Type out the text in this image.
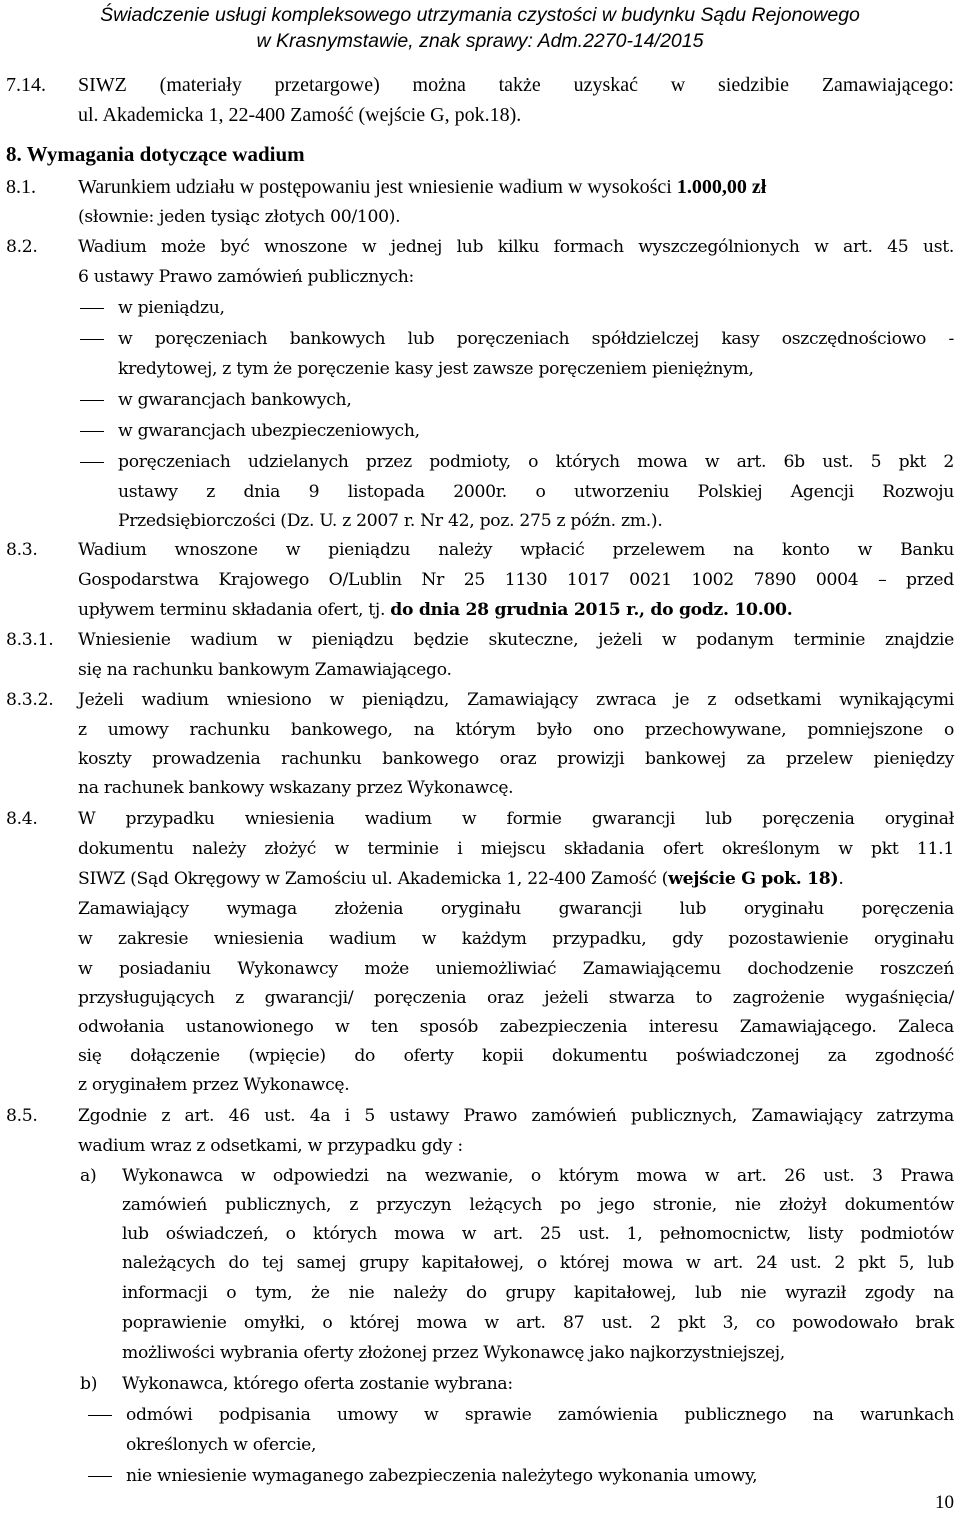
Świadczenie usługi kompleksowego utrzymania czystości w budynku Sądu Rejonowego
w Krasnymstawie, znak sprawy: Adm.2270-14/2015
7.14. SIWZ (materiały przetargowe) można także uzyskać w siedzibie Zamawiającego:
ul. Akademicka 1, 22-400 Zamość (wejście G, pok.18).
8. Wymagania dotyczące wadium
8.1. Warunkiem udziału w postępowaniu jest wniesienie wadium w wysokości 1.000,00 zł
(słownie: jeden tysiąc złotych 00/100).
8.2. Wadium może być wnoszone w jednej lub kilku formach wyszczególnionych w art. 45 ust.
6 ustawy Prawo zamówień publicznych:
w pieniądzu,
w poręczeniach bankowych lub poręczeniach spółdzielczej kasy oszczędnościowo -
kredytowej, z tym że poręczenie kasy jest zawsze poręczeniem pieniężnym,
w gwarancjach bankowych,
w gwarancjach ubezpieczeniowych,
poręczeniach udzielanych przez podmioty, o których mowa w art. 6b ust. 5 pkt 2
ustawy z dnia 9 listopada 2000r. o utworzeniu Polskiej Agencji Rozwoju
Przedsiębiorczości (Dz. U. z 2007 r. Nr 42, poz. 275 z późn. zm.).
8.3. Wadium wnoszone w pieniądzu należy wpłacić przelewem na konto w Banku
Gospodarstwa Krajowego O/Lublin Nr 25 1130 1017 0021 1002 7890 0004 – przed
upływem terminu składania ofert, tj. do dnia 28 grudnia 2015 r., do godz. 10.00.
8.3.1. Wniesienie wadium w pieniądzu będzie skuteczne, jeżeli w podanym terminie znajdzie
się na rachunku bankowym Zamawiającego.
8.3.2. Jeżeli wadium wniesiono w pieniądzu, Zamawiający zwraca je z odsetkami wynikającymi
z umowy rachunku bankowego, na którym było ono przechowywane, pomniejszone o
koszty prowadzenia rachunku bankowego oraz prowizji bankowej za przelew pieniędzy
na rachunek bankowy wskazany przez Wykonawcę.
8.4. W przypadku wniesienia wadium w formie gwarancji lub poręczenia oryginał
dokumentu należy złożyć w terminie i miejscu składania ofert określonym w pkt 11.1
SIWZ (Sąd Okręgowy w Zamościu ul. Akademicka 1, 22-400 Zamość (wejście G pok. 18).
Zamawiający wymaga złożenia oryginału gwarancji lub oryginału poręczenia
w zakresie wniesienia wadium w każdym przypadku, gdy pozostawienie oryginału
w posiadaniu Wykonawcy może uniemożliwiać Zamawiającemu dochodzenie roszczeń
przysługujących z gwarancji/ poręczenia oraz jeżeli stwarza to zagrożenie wygaśnięcia/
odwołania ustanowionego w ten sposób zabezpieczenia interesu Zamawiającego. Zaleca
się dołączenie (wpięcie) do oferty kopii dokumentu poświadczonej za zgodność
z oryginałem przez Wykonawcę.
8.5. Zgodnie z art. 46 ust. 4a i 5 ustawy Prawo zamówień publicznych, Zamawiający zatrzyma
wadium wraz z odsetkami, w przypadku gdy :
a)	Wykonawca w odpowiedzi na wezwanie, o którym mowa w art. 26 ust. 3 Prawa
zamówień publicznych, z przyczyn leżących po jego stronie, nie złożył dokumentów
lub oświadczeń, o których mowa w art. 25 ust. 1, pełnomocnictw, listy podmiotów
należących do tej samej grupy kapitałowej, o której mowa w art. 24 ust. 2 pkt 5, lub
informacji o tym, że nie należy do grupy kapitałowej, lub nie wyraził zgody na
poprawienie omyłki, o której mowa w art. 87 ust. 2 pkt 3, co powodowało brak
możliwości wybrania oferty złożonej przez Wykonawcę jako najkorzystniejszej,
b)	Wykonawca, którego oferta zostanie wybrana:
odmówi podpisania umowy w sprawie zamówienia publicznego na warunkach
określonych w ofercie,
nie wniesienie wymaganego zabezpieczenia należytego wykonania umowy,
10
